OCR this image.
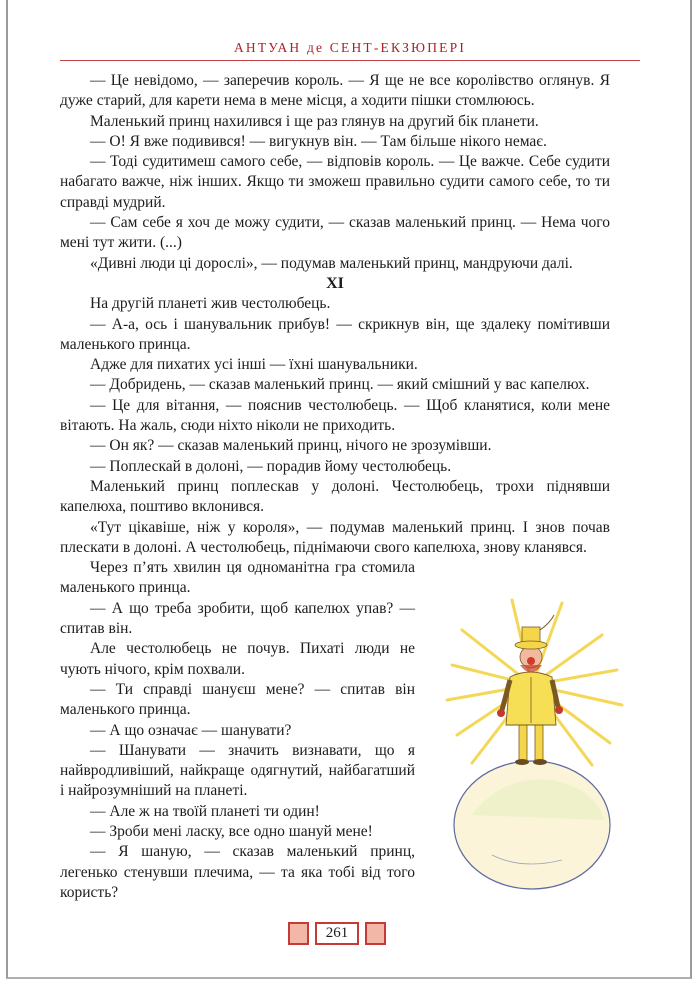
АНТУАН де СЕНТ-ЕКЗЮПЕРІ

— Це невідомо, — заперечив король. — Я ще не все королівство оглянув. Я дуже старий, для карети нема в мене місця, а ходити пішки стомлююсь.

Маленький принц нахилився і ще раз глянув на другий бік планети.

— О! Я вже подивився! — вигукнув він. — Там більше нікого немає.

— Тоді судитимеш самого себе, — відповів король. — Це важче. Себе судити набагато важче, ніж інших. Якщо ти зможеш правильно судити самого себе, то ти справді мудрий.

— Сам себе я хоч де можу судити, — сказав маленький принц. — Нема чого мені тут жити. (...)

«Дивні люди ці дорослі», — подумав маленький принц, мандруючи далі.

XI

На другій планеті жив честолюбець.

— А-а, ось і шанувальник прибув! — скрикнув він, ще здалеку помітивши маленького принца.

Адже для пихатих усі інші — їхні шанувальники.

— Добридень, — сказав маленький принц. — який смішний у вас капелюх.

— Це для вітання, — пояснив честолюбець. — Щоб кланятися, коли мене вітають. На жаль, сюди ніхто ніколи не приходить.

— Он як? — сказав маленький принц, нічого не зрозумівши.

— Поплескай в долоні, — порадив йому честолюбець.

Маленький принц поплескав у долоні. Честолюбець, трохи піднявши капелюха, поштиво вклонився.

«Тут цікавіше, ніж у короля», — подумав маленький принц. І знов почав плескати в долоні. А честолюбець, піднімаючи свого капелюха, знову кланявся.

Через п’ять хвилин ця одноманітна гра стомила маленького принца.

— А що треба зробити, щоб капелюх упав? — спитав він.

Але честолюбець не почув. Пихаті люди не чують нічого, крім похвали.

— Ти справді шануєш мене? — спитав він маленького принца.

— А що означає — шанувати?

— Шанувати — значить визнавати, що я найвродливіший, найкраще одягнутий, найбагатший і найрозумніший на планеті.

— Але ж на твоїй планеті ти один!

— Зроби мені ласку, все одно шануй мене!

— Я шаную, — сказав маленький принц, легенько стенувши плечима, — та яка тобі від того користь?

261
